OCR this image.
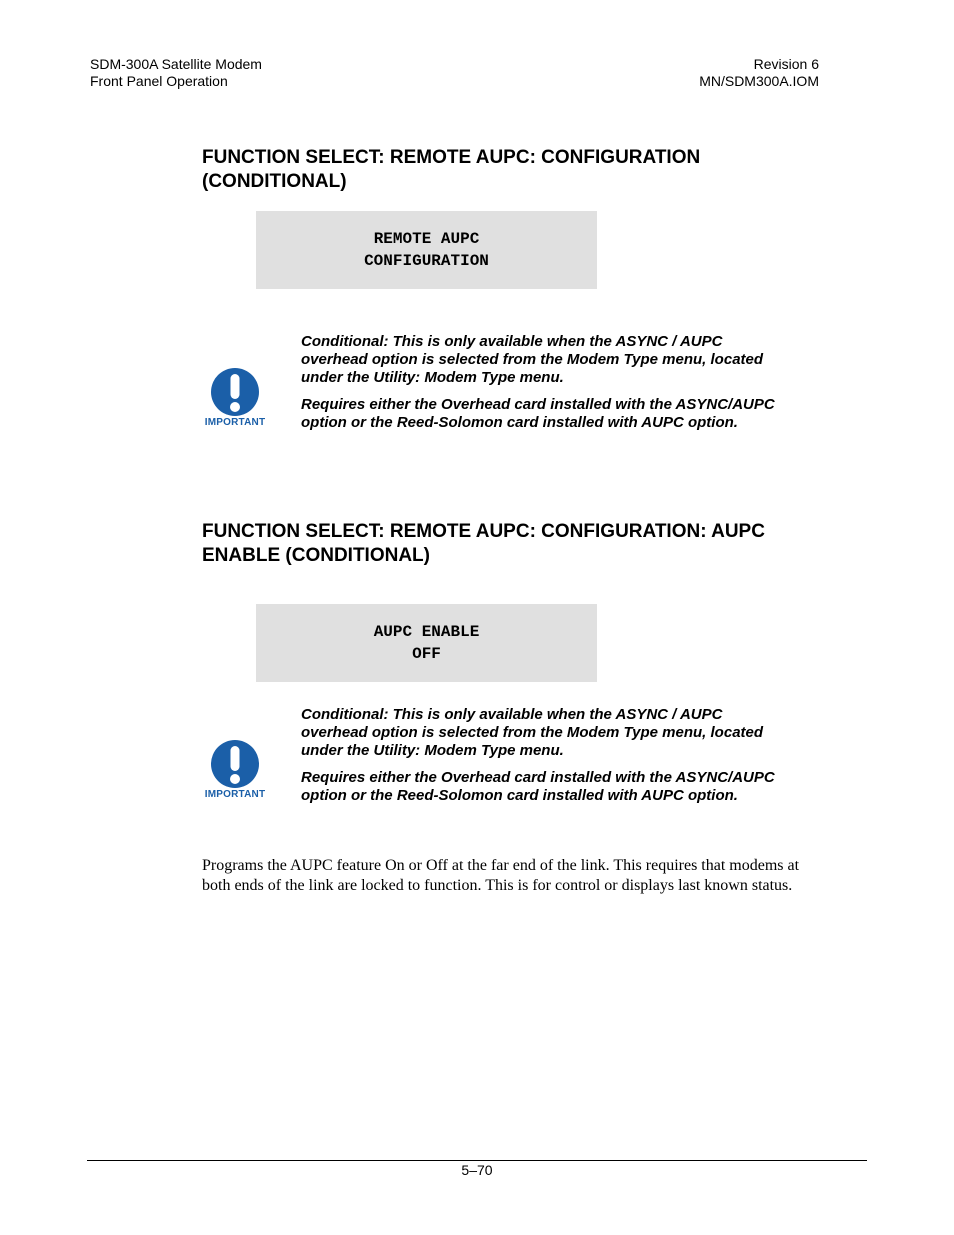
SDM-300A Satellite Modem
Front Panel Operation
Revision 6
MN/SDM300A.IOM
FUNCTION SELECT: REMOTE AUPC: CONFIGURATION
(CONDITIONAL)
REMOTE AUPC
CONFIGURATION
IMPORTANT

Conditional: This is only available when the ASYNC / AUPC
overhead option is selected from the Modem Type menu, located
under the Utility: Modem Type menu.

Requires either the Overhead card installed with the ASYNC/AUPC
option or the Reed-Solomon card installed with AUPC option.

FUNCTION SELECT: REMOTE AUPC: CONFIGURATION: AUPC
ENABLE (CONDITIONAL)
AUPC ENABLE
OFF
IMPORTANT

Conditional: This is only available when the ASYNC / AUPC
overhead option is selected from the Modem Type menu, located
under the Utility: Modem Type menu.

Requires either the Overhead card installed with the ASYNC/AUPC
option or the Reed-Solomon card installed with AUPC option.

Programs the AUPC feature On or Off at the far end of the link. This requires that modems at
both ends of the link are locked to function. This is for control or displays last known status.

5–70
